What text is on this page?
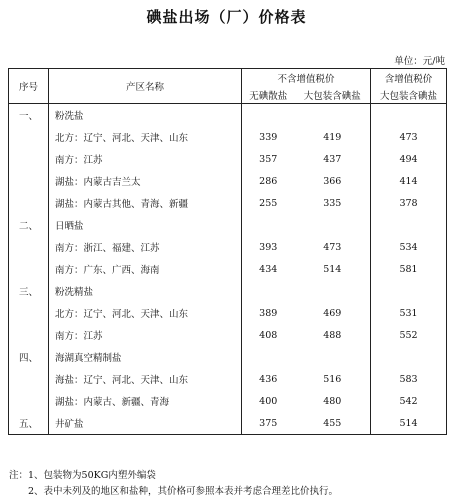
碘盐出场（厂）价格表
单位：元/吨
序号	产区名称	不含增值税价		含增值税价
		无碘散盐	大包装含碘盐	大包装含碘盐
一、	粉洗盐			
	北方：辽宁、河北、天津、山东	339	419	473
	南方：江苏	357	437	494
	湖盐：内蒙古吉兰太	286	366	414
	湖盐：内蒙古其他、青海、新疆	255	335	378
二、	日晒盐			
	南方：浙江、福建、江苏	393	473	534
	南方：广东、广西、海南	434	514	581
三、	粉洗精盐			
	北方：辽宁、河北、天津、山东	389	469	531
	南方：江苏	408	488	552
四、	海湖真空精制盐			
	海盐：辽宁、河北、天津、山东	436	516	583
	湖盐：内蒙古、新疆、青海	400	480	542
五、	井矿盐	375	455	514
注：1、包装物为50KG内塑外编袋
　　2、表中未列及的地区和盐种，其价格可参照本表并考虑合理差比价执行。
